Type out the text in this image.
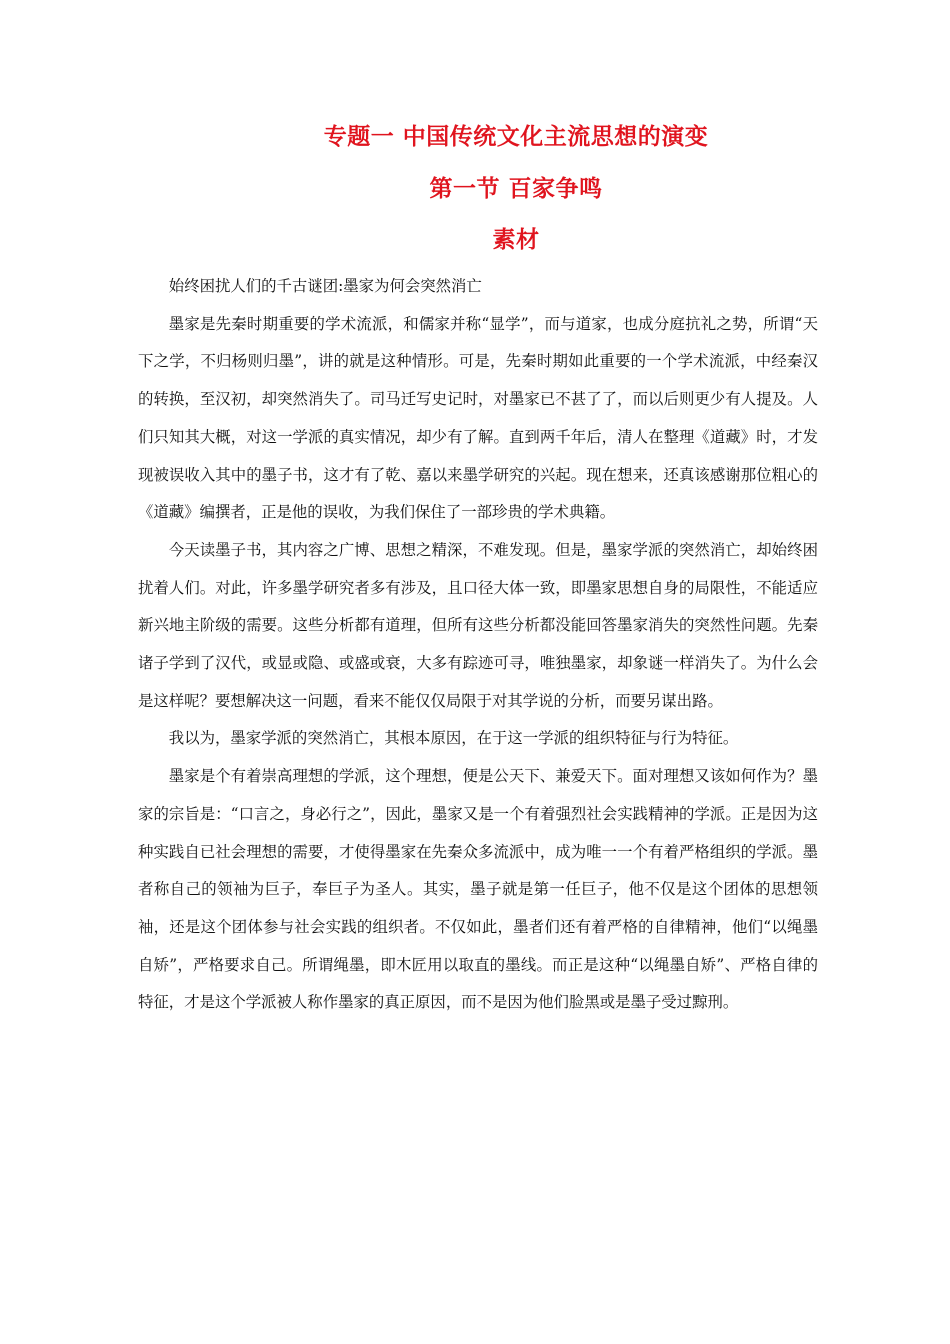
专题一 中国传统文化主流思想的演变
第一节 百家争鸣
素材

始终困扰人们的千古谜团:墨家为何会突然消亡

墨家是先秦时期重要的学术流派，和儒家并称“显学”，而与道家，也成分庭抗礼之势，所谓“天下之学，不归杨则归墨”，讲的就是这种情形。可是，先秦时期如此重要的一个学术流派，中经秦汉的转换，至汉初，却突然消失了。司马迁写史记时，对墨家已不甚了了，而以后则更少有人提及。人们只知其大概，对这一学派的真实情况，却少有了解。直到两千年后，清人在整理《道藏》时，才发现被误收入其中的墨子书，这才有了乾、嘉以来墨学研究的兴起。现在想来，还真该感谢那位粗心的《道藏》编撰者，正是他的误收，为我们保住了一部珍贵的学术典籍。

今天读墨子书，其内容之广博、思想之精深，不难发现。但是，墨家学派的突然消亡，却始终困扰着人们。对此，许多墨学研究者多有涉及，且口径大体一致，即墨家思想自身的局限性，不能适应新兴地主阶级的需要。这些分析都有道理，但所有这些分析都没能回答墨家消失的突然性问题。先秦诸子学到了汉代，或显或隐、或盛或衰，大多有踪迹可寻，唯独墨家，却象谜一样消失了。为什么会是这样呢？要想解决这一问题，看来不能仅仅局限于对其学说的分析，而要另谋出路。

我以为，墨家学派的突然消亡，其根本原因，在于这一学派的组织特征与行为特征。

墨家是个有着崇高理想的学派，这个理想，便是公天下、兼爱天下。面对理想又该如何作为？墨家的宗旨是：“口言之，身必行之”，因此，墨家又是一个有着强烈社会实践精神的学派。正是因为这种实践自已社会理想的需要，才使得墨家在先秦众多流派中，成为唯一一个有着严格组织的学派。墨者称自己的领袖为巨子，奉巨子为圣人。其实，墨子就是第一任巨子，他不仅是这个团体的思想领袖，还是这个团体参与社会实践的组织者。不仅如此，墨者们还有着严格的自律精神，他们“以绳墨自矫”，严格要求自己。所谓绳墨，即木匠用以取直的墨线。而正是这种“以绳墨自矫”、严格自律的特征，才是这个学派被人称作墨家的真正原因，而不是因为他们脸黑或是墨子受过黥刑。
